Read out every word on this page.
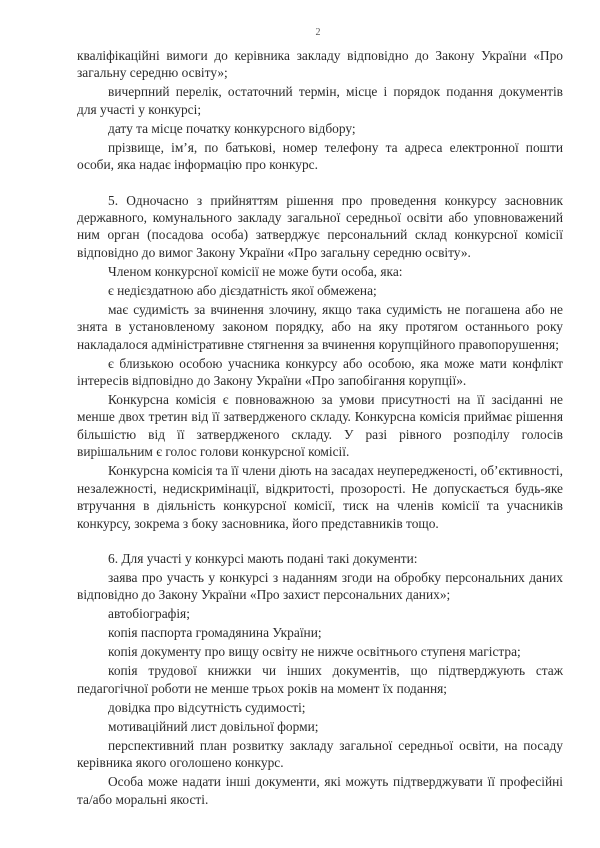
2

кваліфікаційні вимоги до керівника закладу відповідно до Закону України «Про загальну середню освіту»;

вичерпний перелік, остаточний термін, місце і порядок подання документів для участі у конкурсі;

дату та місце початку конкурсного відбору;

прізвище, ім’я, по батькові, номер телефону та адреса електронної пошти особи, яка надає інформацію про конкурс.

5. Одночасно з прийняттям рішення про проведення конкурсу засновник державного, комунального закладу загальної середньої освіти або уповноважений ним орган (посадова особа) затверджує персональний склад конкурсної комісії відповідно до вимог Закону України «Про загальну середню освіту».

Членом конкурсної комісії не може бути особа, яка:

є недієздатною або дієздатність якої обмежена;

має судимість за вчинення злочину, якщо така судимість не погашена або не знята в установленому законом порядку, або на яку протягом останнього року накладалося адміністративне стягнення за вчинення корупційного правопорушення;

є близькою особою учасника конкурсу або особою, яка може мати конфлікт інтересів відповідно до Закону України «Про запобігання корупції».

Конкурсна комісія є повноважною за умови присутності на її засіданні не менше двох третин від її затвердженого складу. Конкурсна комісія приймає рішення більшістю від її затвердженого складу. У разі рівного розподілу голосів вирішальним є голос голови конкурсної комісії.

Конкурсна комісія та її члени діють на засадах неупередженості, об’єктивності, незалежності, недискримінації, відкритості, прозорості. Не допускається будь-яке втручання в діяльність конкурсної комісії, тиск на членів комісії та учасників конкурсу, зокрема з боку засновника, його представників тощо.

6. Для участі у конкурсі мають подані такі документи:

заява про участь у конкурсі з наданням згоди на обробку персональних даних відповідно до Закону України «Про захист персональних даних»;

автобіографія;

копія паспорта громадянина України;

копія документу про вищу освіту не нижче освітнього ступеня магістра;

копія трудової книжки чи інших документів, що підтверджують стаж педагогічної роботи не менше трьох років на момент їх подання;

довідка про відсутність судимості;

мотиваційний лист довільної форми;

перспективний план розвитку закладу загальної середньої освіти, на посаду керівника якого оголошено конкурс.

Особа може надати інші документи, які можуть підтверджувати її професійні та/або моральні якості.
